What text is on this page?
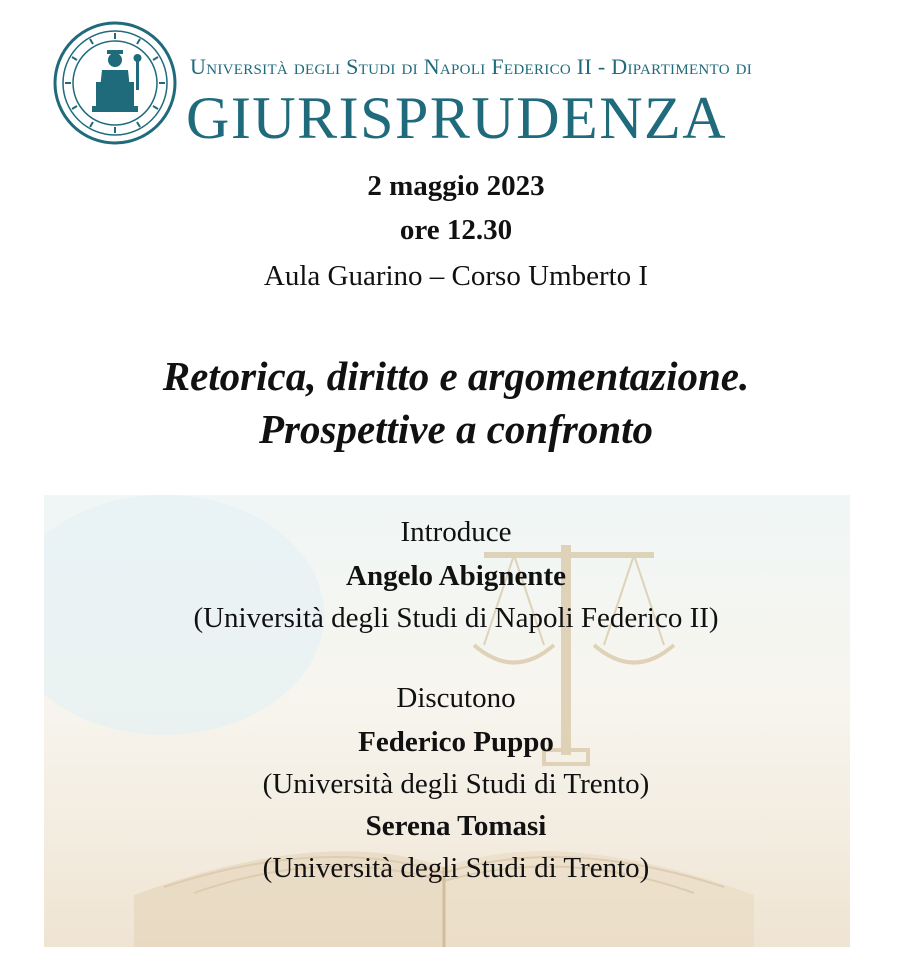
Università degli Studi di Napoli Federico II - Dipartimento di
GIURISPRUDENZA
2 maggio 2023
ore 12.30
Aula Guarino – Corso Umberto I
Retorica, diritto e argomentazione.
Prospettive a confronto
Introduce
Angelo Abignente
(Università degli Studi di Napoli Federico II)
Discutono
Federico Puppo
(Università degli Studi di Trento)
Serena Tomasi
(Università degli Studi di Trento)
